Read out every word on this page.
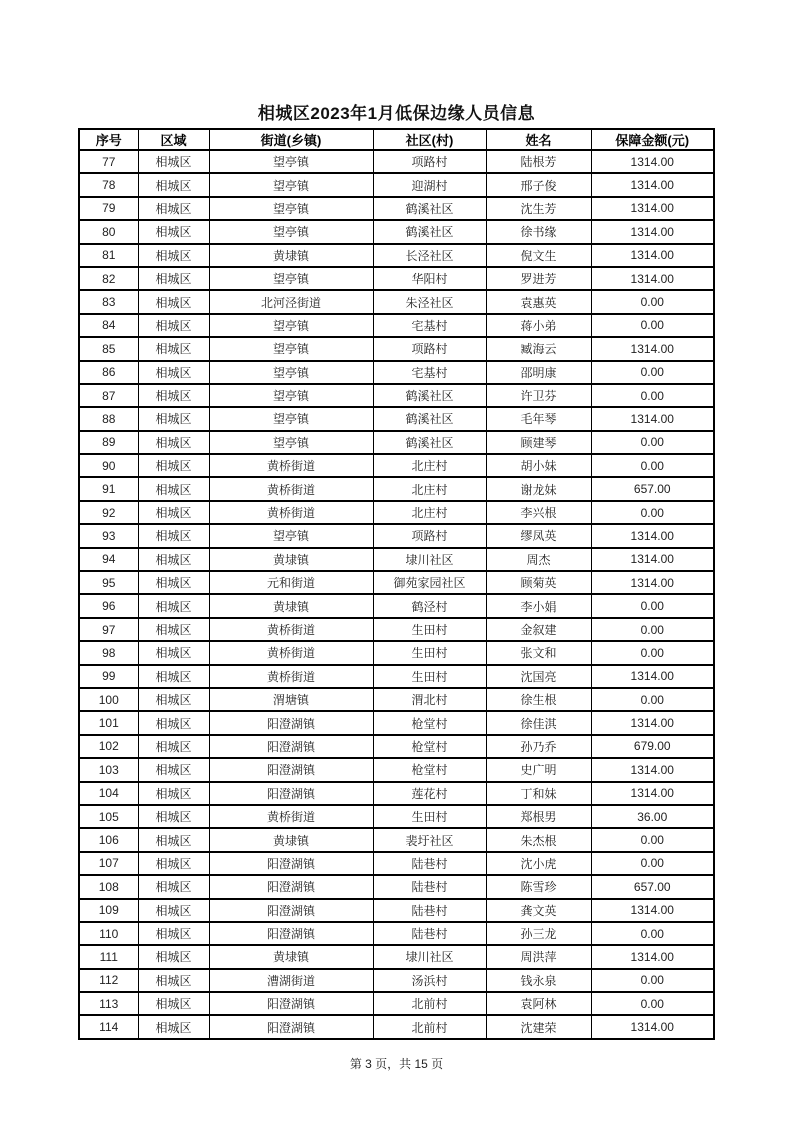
相城区2023年1月低保边缘人员信息
序号	区域	街道(乡镇)	社区(村)	姓名	保障金额(元)
77	相城区	望亭镇	项路村	陆根芳	1314.00
78	相城区	望亭镇	迎湖村	邢子俊	1314.00
79	相城区	望亭镇	鹤溪社区	沈生芳	1314.00
80	相城区	望亭镇	鹤溪社区	徐书缘	1314.00
81	相城区	黄埭镇	长泾社区	倪文生	1314.00
82	相城区	望亭镇	华阳村	罗进芳	1314.00
83	相城区	北河泾街道	朱泾社区	袁惠英	0.00
84	相城区	望亭镇	宅基村	蒋小弟	0.00
85	相城区	望亭镇	项路村	臧海云	1314.00
86	相城区	望亭镇	宅基村	邵明康	0.00
87	相城区	望亭镇	鹤溪社区	许卫芬	0.00
88	相城区	望亭镇	鹤溪社区	毛年琴	1314.00
89	相城区	望亭镇	鹤溪社区	顾建琴	0.00
90	相城区	黄桥街道	北庄村	胡小妹	0.00
91	相城区	黄桥街道	北庄村	谢龙妹	657.00
92	相城区	黄桥街道	北庄村	李兴根	0.00
93	相城区	望亭镇	项路村	缪凤英	1314.00
94	相城区	黄埭镇	埭川社区	周杰	1314.00
95	相城区	元和街道	御苑家园社区	顾菊英	1314.00
96	相城区	黄埭镇	鹤泾村	李小娟	0.00
97	相城区	黄桥街道	生田村	金叙建	0.00
98	相城区	黄桥街道	生田村	张文和	0.00
99	相城区	黄桥街道	生田村	沈国亮	1314.00
100	相城区	渭塘镇	渭北村	徐生根	0.00
101	相城区	阳澄湖镇	枪堂村	徐佳淇	1314.00
102	相城区	阳澄湖镇	枪堂村	孙乃乔	679.00
103	相城区	阳澄湖镇	枪堂村	史广明	1314.00
104	相城区	阳澄湖镇	莲花村	丁和妹	1314.00
105	相城区	黄桥街道	生田村	郑根男	36.00
106	相城区	黄埭镇	裴圩社区	朱杰根	0.00
107	相城区	阳澄湖镇	陆巷村	沈小虎	0.00
108	相城区	阳澄湖镇	陆巷村	陈雪珍	657.00
109	相城区	阳澄湖镇	陆巷村	龚文英	1314.00
110	相城区	阳澄湖镇	陆巷村	孙三龙	0.00
111	相城区	黄埭镇	埭川社区	周洪萍	1314.00
112	相城区	漕湖街道	汤浜村	钱永泉	0.00
113	相城区	阳澄湖镇	北前村	袁阿林	0.00
114	相城区	阳澄湖镇	北前村	沈建荣	1314.00
第 3 页，共 15 页
